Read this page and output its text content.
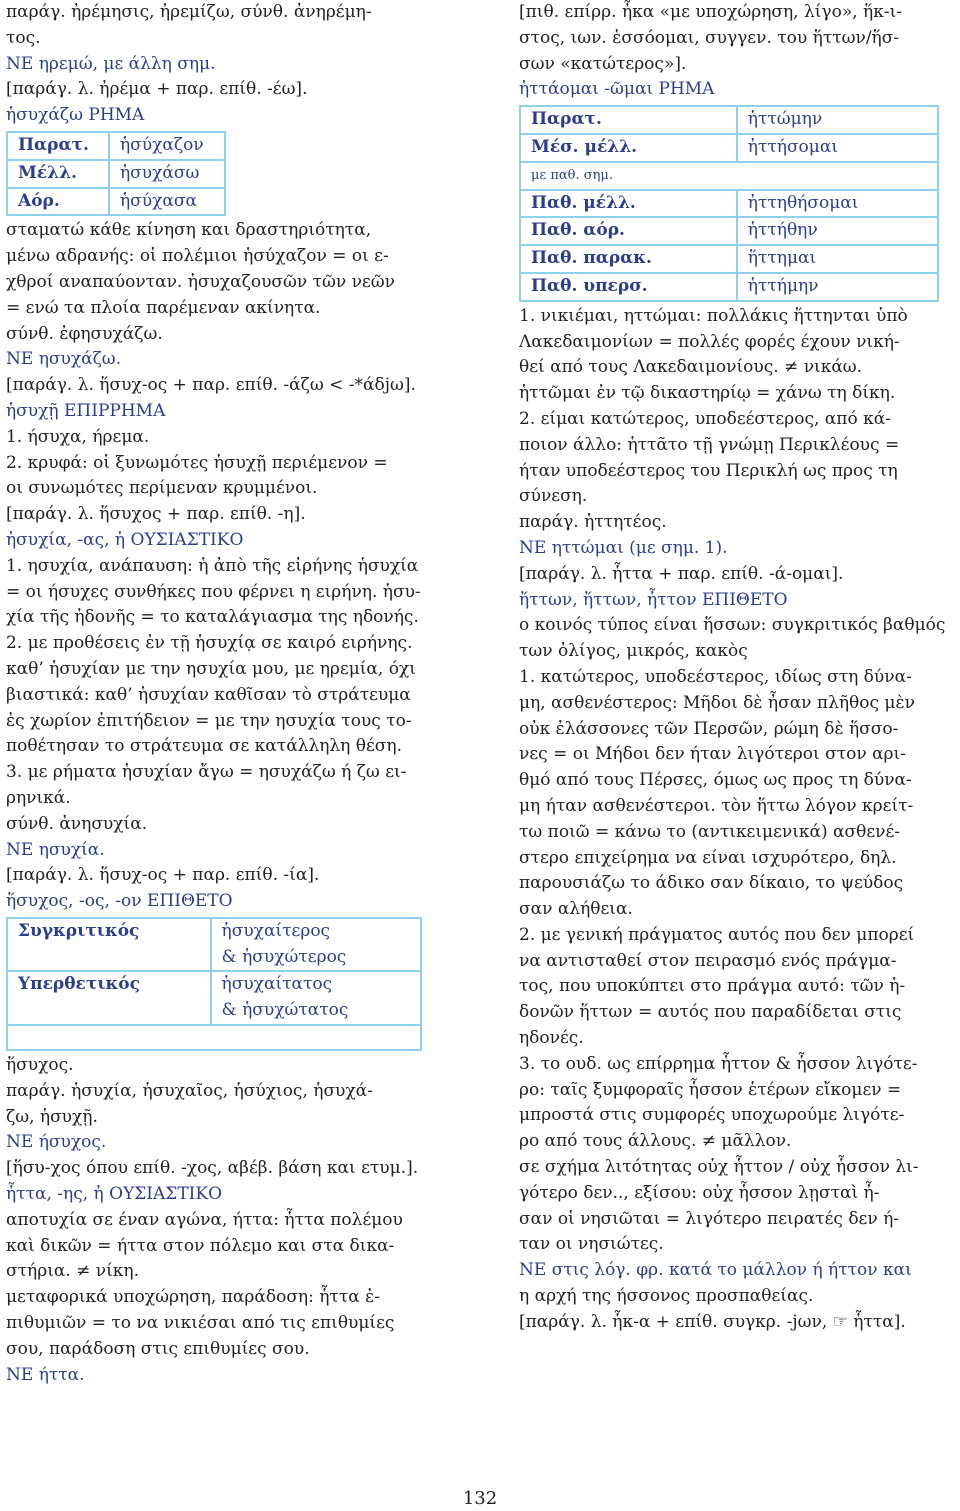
παράγ. ἠρέμησις, ἠρεμίζω, σύνθ. ἀνηρέμη-
τος.
ΝΕ ηρεμώ, με άλλη σημ.
[παράγ. λ. ἠρέμα + παρ. επίθ. -έω].
ἡσυχάζω ΡΗΜΑ
Παρατ.	ἡσύχαζον
Μέλλ.	ἡσυχάσω
Αόρ.	ἡσύχασα
σταματώ κάθε κίνηση και δραστηριότητα,
μένω αδρανής: οἱ πολέμιοι ἡσύχαζον = οι ε-
χθροί αναπαύονταν. ἡσυχαζουσῶν τῶν νεῶν
= ενώ τα πλοία παρέμεναν ακίνητα.
σύνθ. ἐφησυχάζω.
ΝΕ ησυχάζω.
[παράγ. λ. ἥσυχ-ος + παρ. επίθ. -άζω < -*άδjω].
ἡσυχῇ ΕΠΙΡΡΗΜΑ
1. ήσυχα, ήρεμα.
2. κρυφά: οἱ ξυνωμότες ἡσυχῇ περιέμενον =
οι συνωμότες περίμεναν κρυμμένοι.
[παράγ. λ. ἥσυχος + παρ. επίθ. -η].
ἡσυχία, -ας, ἡ ΟΥΣΙΑΣΤΙΚΟ
1. ησυχία, ανάπαυση: ἡ ἀπὸ τῆς εἰρήνης ἡσυχία
= οι ήσυχες συνθήκες που φέρνει η ειρήνη. ἡσυ-
χία τῆς ἡδονῆς = το καταλάγιασμα της ηδονής.
2. με προθέσεις ἐν τῇ ἡσυχίᾳ σε καιρό ειρήνης.
καθ’ ἡσυχίαν με την ησυχία μου, με ηρεμία, όχι
βιαστικά: καθ’ ἡσυχίαν καθῖσαν τὸ στράτευμα
ἐς χωρίον ἐπιτήδειον = με την ησυχία τους το-
ποθέτησαν το στράτευμα σε κατάλληλη θέση.
3. με ρήματα ἡσυχίαν ἄγω = ησυχάζω ή ζω ει-
ρηνικά.
σύνθ. ἀνησυχία.
ΝΕ ησυχία.
[παράγ. λ. ἥσυχ-ος + παρ. επίθ. -ία].
ἥσυχος, -ος, -ον ΕΠΙΘΕΤΟ
Συγκριτικός	ἡσυχαίτερος
& ἡσυχώτερος

Υπερθετικός	ἡσυχαίτατος
& ἡσυχώτατος

ἥσυχος.
παράγ. ἡσυχία, ἡσυχαῖος, ἡσύχιος, ἡσυχά-
ζω, ἡσυχῇ.
ΝΕ ήσυχος.
[ἥσυ-χος όπου επίθ. -χος, αβέβ. βάση και ετυμ.].
ἧττα, -ης, ἡ ΟΥΣΙΑΣΤΙΚΟ
αποτυχία σε έναν αγώνα, ήττα: ἧττα πολέμου
καὶ δικῶν = ήττα στον πόλεμο και στα δικα-
στήρια. ≠ νίκη.
μεταφορικά υποχώρηση, παράδοση: ἧττα ἐ-
πιθυμιῶν = το να νικιέσαι από τις επιθυμίες
σου, παράδοση στις επιθυμίες σου.
ΝΕ ήττα.
[πιθ. επίρρ. ἦκα «με υποχώρηση, λίγο», ἥκ-ι-
στος, ιων. ἑσσόομαι, συγγεν. του ἥττων/ἥσ-
σων «κατώτερος»].
ἡττάομαι -ῶμαι ΡΗΜΑ
Παρατ.	ἡττώμην
Μέσ. μέλλ.	ἡττήσομαι
με παθ. σημ.	
Παθ. μέλλ.	ἡττηθήσομαι
Παθ. αόρ.	ἡττήθην
Παθ. παρακ.	ἥττημαι
Παθ. υπερσ.	ἡττήμην
1. νικιέμαι, ηττώμαι: πολλάκις ἥττηνται ὑπὸ
Λακεδαιμονίων = πολλές φορές έχουν νική-
θεί από τους Λακεδαιμονίους. ≠ νικάω.
ἡττῶμαι ἐν τῷ δικαστηρίῳ = χάνω τη δίκη.
2. είμαι κατώτερος, υποδεέστερος, από κά-
ποιον άλλο: ἡττᾶτο τῇ γνώμῃ Περικλέους =
ήταν υποδεέστερος του Περικλή ως προς τη
σύνεση.
παράγ. ἡττητέος.
ΝΕ ηττώμαι (με σημ. 1).
[παράγ. λ. ἧττα + παρ. επίθ. -ά-ομαι].
ἥττων, ἥττων, ἧττον ΕΠΙΘΕΤΟ
ο κοινός τύπος είναι ἥσσων: συγκριτικός βαθμός
των ὀλίγος, μικρός, κακὸς
1. κατώτερος, υποδεέστερος, ιδίως στη δύνα-
μη, ασθενέστερος: Μῆδοι δὲ ἦσαν πλῆθος μὲν
οὐκ ἐλάσσονες τῶν Περσῶν, ρώμη δὲ ἥσσο-
νες = οι Μήδοι δεν ήταν λιγότεροι στον αρι-
θμό από τους Πέρσες, όμως ως προς τη δύνα-
μη ήταν ασθενέστεροι. τὸν ἥττω λόγον κρείτ-
τω ποιῶ = κάνω το (αντικειμενικά) ασθενέ-
στερο επιχείρημα να είναι ισχυρότερο, δηλ.
παρουσιάζω το άδικο σαν δίκαιο, το ψεύδος
σαν αλήθεια.
2. με γενική πράγματος αυτός που δεν μπορεί
να αντισταθεί στον πειρασμό ενός πράγμα-
τος, που υποκύπτει στο πράγμα αυτό: τῶν ἡ-
δονῶν ἥττων = αυτός που παραδίδεται στις
ηδονές.
3. το ουδ. ως επίρρημα ἧττον & ἧσσον λιγότε-
ρο: ταῖς ξυμφοραῖς ἧσσον ἑτέρων εἴκομεν =
μπροστά στις συμφορές υποχωρούμε λιγότε-
ρο από τους άλλους. ≠ μᾶλλον.
σε σχήμα λιτότητας οὐχ ἧττον / οὐχ ἧσσον λι-
γότερο δεν.., εξίσου: οὐχ ἧσσον λῃσταὶ ἦ-
σαν οἱ νησιῶται = λιγότερο πειρατές δεν ή-
ταν οι νησιώτες.
ΝΕ στις λόγ. φρ. κατά το μάλλον ή ήττον και
η αρχή της ήσσονος προσπαθείας.
[παράγ. λ. ἧκ-α + επίθ. συγκρ. -jων, ☞ ἧττα].
132
